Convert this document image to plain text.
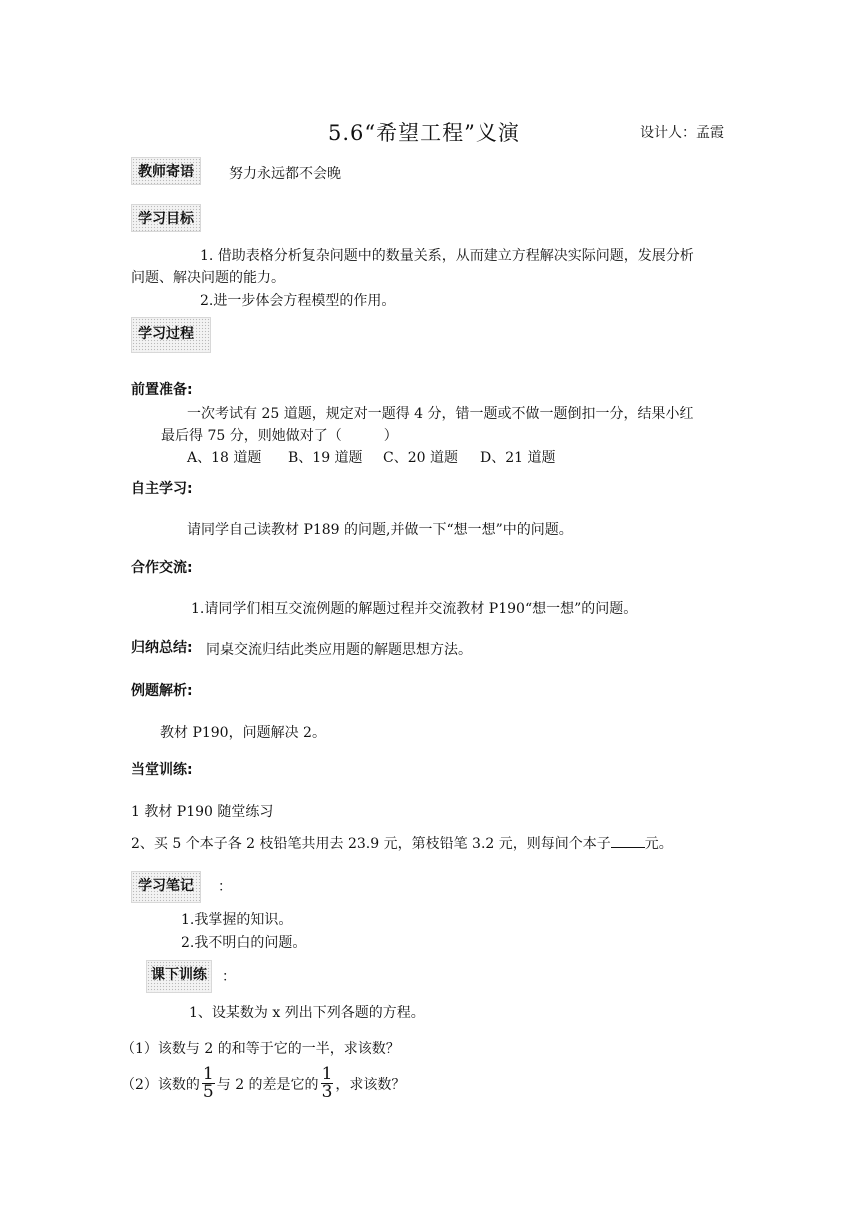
5.6“希望工程”义演	设计人：孟霞
教师寄语	努力永远都不会晚
学习目标
1. 借助表格分析复杂问题中的数量关系，从而建立方程解决实际问题，发展分析
问题、解决问题的能力。
2.进一步体会方程模型的作用。
学习过程
前置准备:
一次考试有 25 道题，规定对一题得 4 分，错一题或不做一题倒扣一分，结果小红
最后得 75 分，则她做对了（　　　）
A、18 道题 B、19 道题 C、20 道题 D、21 道题
自主学习:
请同学自己读教材 P189 的问题,并做一下“想一想”中的问题。
合作交流:
1.请同学们相互交流例题的解题过程并交流教材 P190“想一想”的问题。
归纳总结: 同桌交流归结此类应用题的解题思想方法。
例题解析:
教材 P190，问题解决 2。
当堂训练:
1 教材 P190 随堂练习
2、买 5 个本子各 2 枝铅笔共用去 23.9 元，第枝铅笔 3.2 元，则每间个本子 元。
学习笔记	：
1.我掌握的知识。
2.我不明白的问题。
课下训练	：
1、设某数为 x 列出下列各题的方程。
（1）该数与 2 的和等于它的一半，求该数？
（2）该数的 $\frac{1}{5}$ 与 2 的差是它的 $\frac{1}{3}$ ，求该数？
